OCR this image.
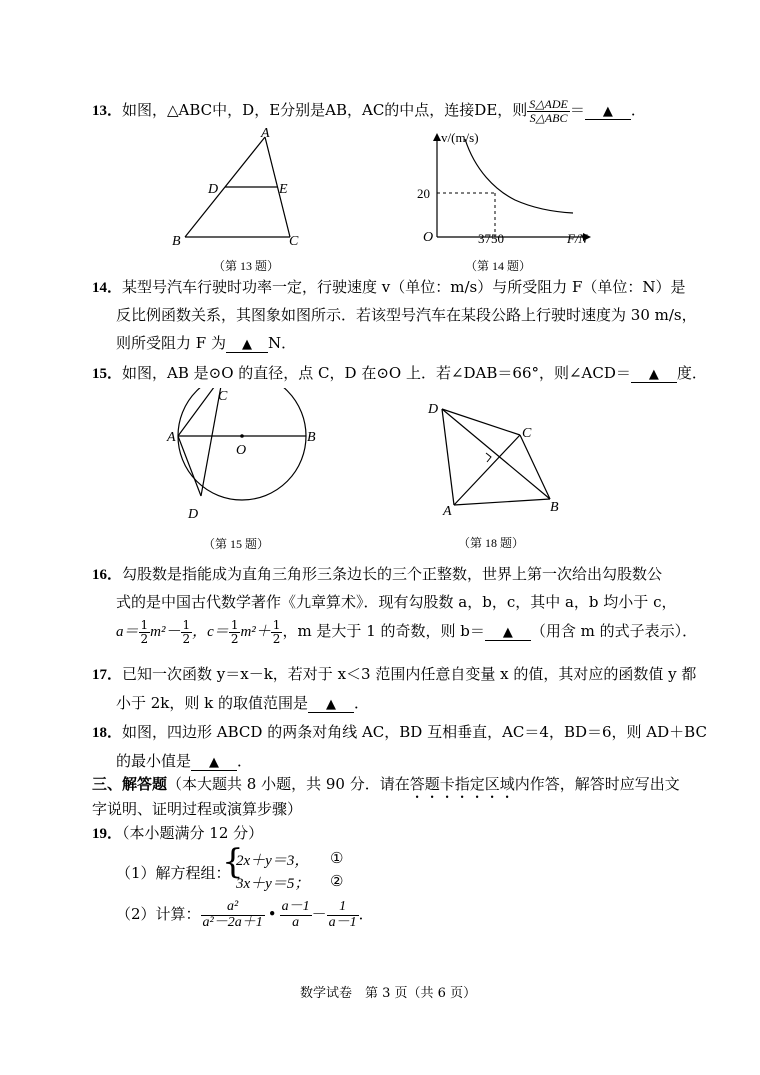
13．如图，△ABC中，D，E分别是AB，AC的中点，连接DE，则 $\frac{\text{S△ADE}}{\text{S△ABC}}$ ＝ ▲ ．
A
D	E
B	C
（第 13 题）
v/(m/s)
20
O	3750	F/N
（第 14 题）
14．某型号汽车行驶时功率一定，行驶速度 v（单位：m/s）与所受阻力 F（单位：N）是
反比例函数关系，其图象如图所示．若该型号汽车在某段公路上行驶时速度为 30 m/s，
则所受阻力 F 为 ▲ N．
15．如图，AB 是⊙O 的直径，点 C，D 在⊙O 上．若∠DAB＝66°，则∠ACD＝ ▲ 度．
A	B
O
D
（第 15 题）
C
D
C
B
A
（第 18 题）
16．勾股数是指能成为直角三角形三条边长的三个正整数，世界上第一次给出勾股数公
式的是中国古代数学著作《九章算术》．现有勾股数 a，b，c，其中 a，b 均小于 c，
$a= \frac{1}{2} m^2- \frac{1}{2}$ ，$c= \frac{1}{2} m^2+ \frac{1}{2}$ ，m 是大于 1 的奇数，则 b＝ ▲ （用含 m 的式子表示）．
17．已知一次函数 y＝x－k，若对于 x＜3 范围内任意自变量 x 的值，其对应的函数值 y 都
小于 2k，则 k 的取值范围是 ▲ ．
18．如图，四边形 ABCD 的两条对角线 AC，BD 互相垂直，AC＝4，BD＝6，则 AD＋BC
的最小值是 ▲ ．
三、解答题（本大题共 8 小题，共 90 分．请在答题卡指定区域内作答，解答时应写出文
字说明、证明过程或演算步骤）
19．（本小题满分 12 分）
（1）解方程组：
{
2x＋y＝3，
3x＋y＝5；
①
②
（2）计算： $\frac{\text{a²}}{\text{a²－2a＋1}}$ • $\frac{a-1}{a} - \frac{1}{a-1}$ ．
数学试卷　第 3 页（共 6 页）
